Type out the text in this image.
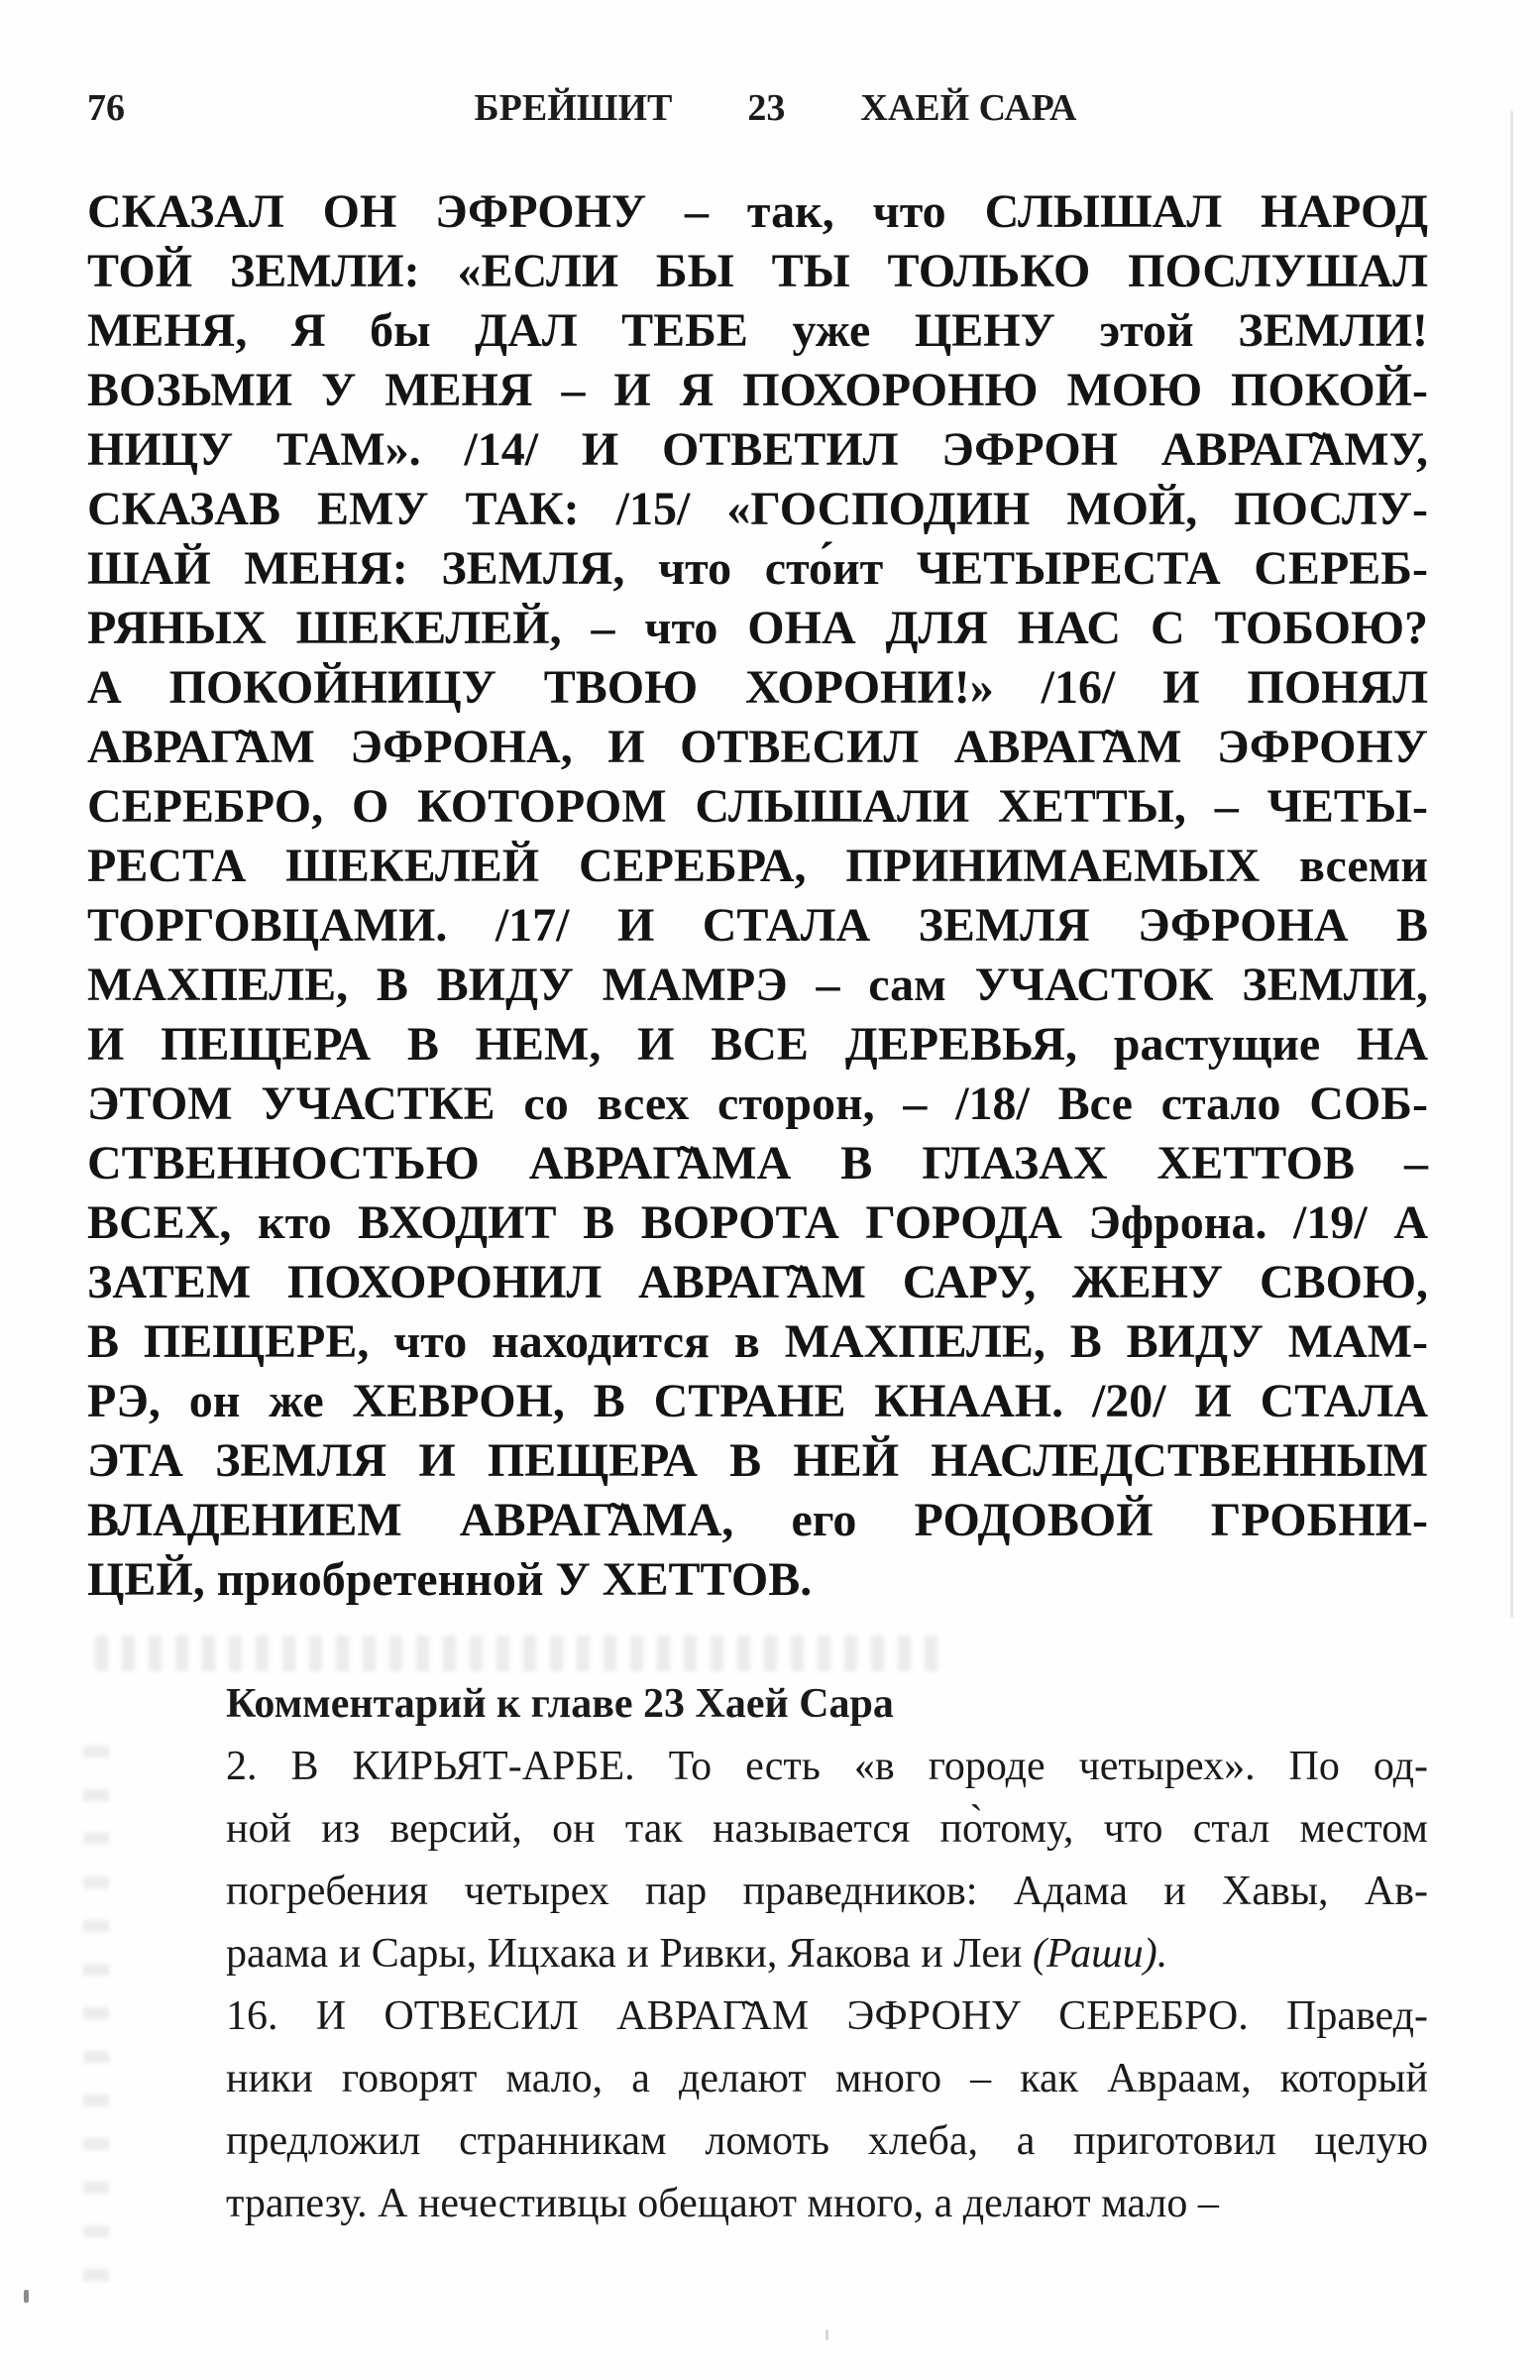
76	БРЕЙШИТ 23 ХАЕЙ САРА
СКАЗАЛ ОН ЭФРОНУ – так, что СЛЫШАЛ НАРОД
ТОЙ ЗЕМЛИ: «ЕСЛИ БЫ ТЫ ТОЛЬКО ПОСЛУШАЛ
МЕНЯ, Я бы ДАЛ ТЕБЕ уже ЦЕНУ этой ЗЕМЛИ!
ВОЗЬМИ У МЕНЯ – И Я ПОХОРОНЮ МОЮ ПОКОЙ-
НИЦУ ТАМ». /14/ И ОТВЕТИЛ ЭФРОН АВРАГ̃АМУ,
СКАЗАВ ЕМУ ТАК: /15/ «ГОСПОДИН МОЙ, ПОСЛУ-
ШАЙ МЕНЯ: ЗЕМЛЯ, что сто́ит ЧЕТЫРЕСТА СЕРЕБ-
РЯНЫХ ШЕКЕЛЕЙ, – что ОНА ДЛЯ НАС С ТОБОЮ?
А ПОКОЙНИЦУ ТВОЮ ХОРОНИ!» /16/ И ПОНЯЛ
АВРАГ̃АМ ЭФРОНА, И ОТВЕСИЛ АВРАГ̃АМ ЭФРОНУ
СЕРЕБРО, О КОТОРОМ СЛЫШАЛИ ХЕТТЫ, – ЧЕТЫ-
РЕСТА ШЕКЕЛЕЙ СЕРЕБРА, ПРИНИМАЕМЫХ всеми
ТОРГОВЦАМИ. /17/ И СТАЛА ЗЕМЛЯ ЭФРОНА В
МАХПЕЛЕ, В ВИДУ МАМРЭ – сам УЧАСТОК ЗЕМЛИ,
И ПЕЩЕРА В НЕМ, И ВСЕ ДЕРЕВЬЯ, растущие НА
ЭТОМ УЧАСТКЕ со всех сторон, – /18/ Все стало СОБ-
СТВЕННОСТЬЮ АВРАГ̃АМА В ГЛАЗАХ ХЕТТОВ –
ВСЕХ, кто ВХОДИТ В ВОРОТА ГОРОДА Эфрона. /19/ А
ЗАТЕМ ПОХОРОНИЛ АВРАГ̃АМ САРУ, ЖЕНУ СВОЮ,
В ПЕЩЕРЕ, что находится в МАХПЕЛЕ, В ВИДУ МАМ-
РЭ, он же ХЕВРОН, В СТРАНЕ КНААН. /20/ И СТАЛА
ЭТА ЗЕМЛЯ И ПЕЩЕРА В НЕЙ НАСЛЕДСТВЕННЫМ
ВЛАДЕНИЕМ АВРАГ̃АМА, его РОДОВОЙ ГРОБНИ-
ЦЕЙ, приобретенной У ХЕТТОВ.
Комментарий к главе 23 Хаей Сара
2. В КИРЬЯТ-АРБЕ. То есть «в городе четырех». По од-
ной из версий, он так называется по̀тому, что стал местом
погребения четырех пар праведников: Адама и Хавы, Ав-
раама и Сары, Ицхака и Ривки, Яакова и Леи (Раши).
16. И ОТВЕСИЛ АВРАГ̃АМ ЭФРОНУ СЕРЕБРО. Правед-
ники говорят мало, а делают много – как Авраам, который
предложил странникам ломоть хлеба, а приготовил целую
трапезу. А нечестивцы обещают много, а делают мало –
